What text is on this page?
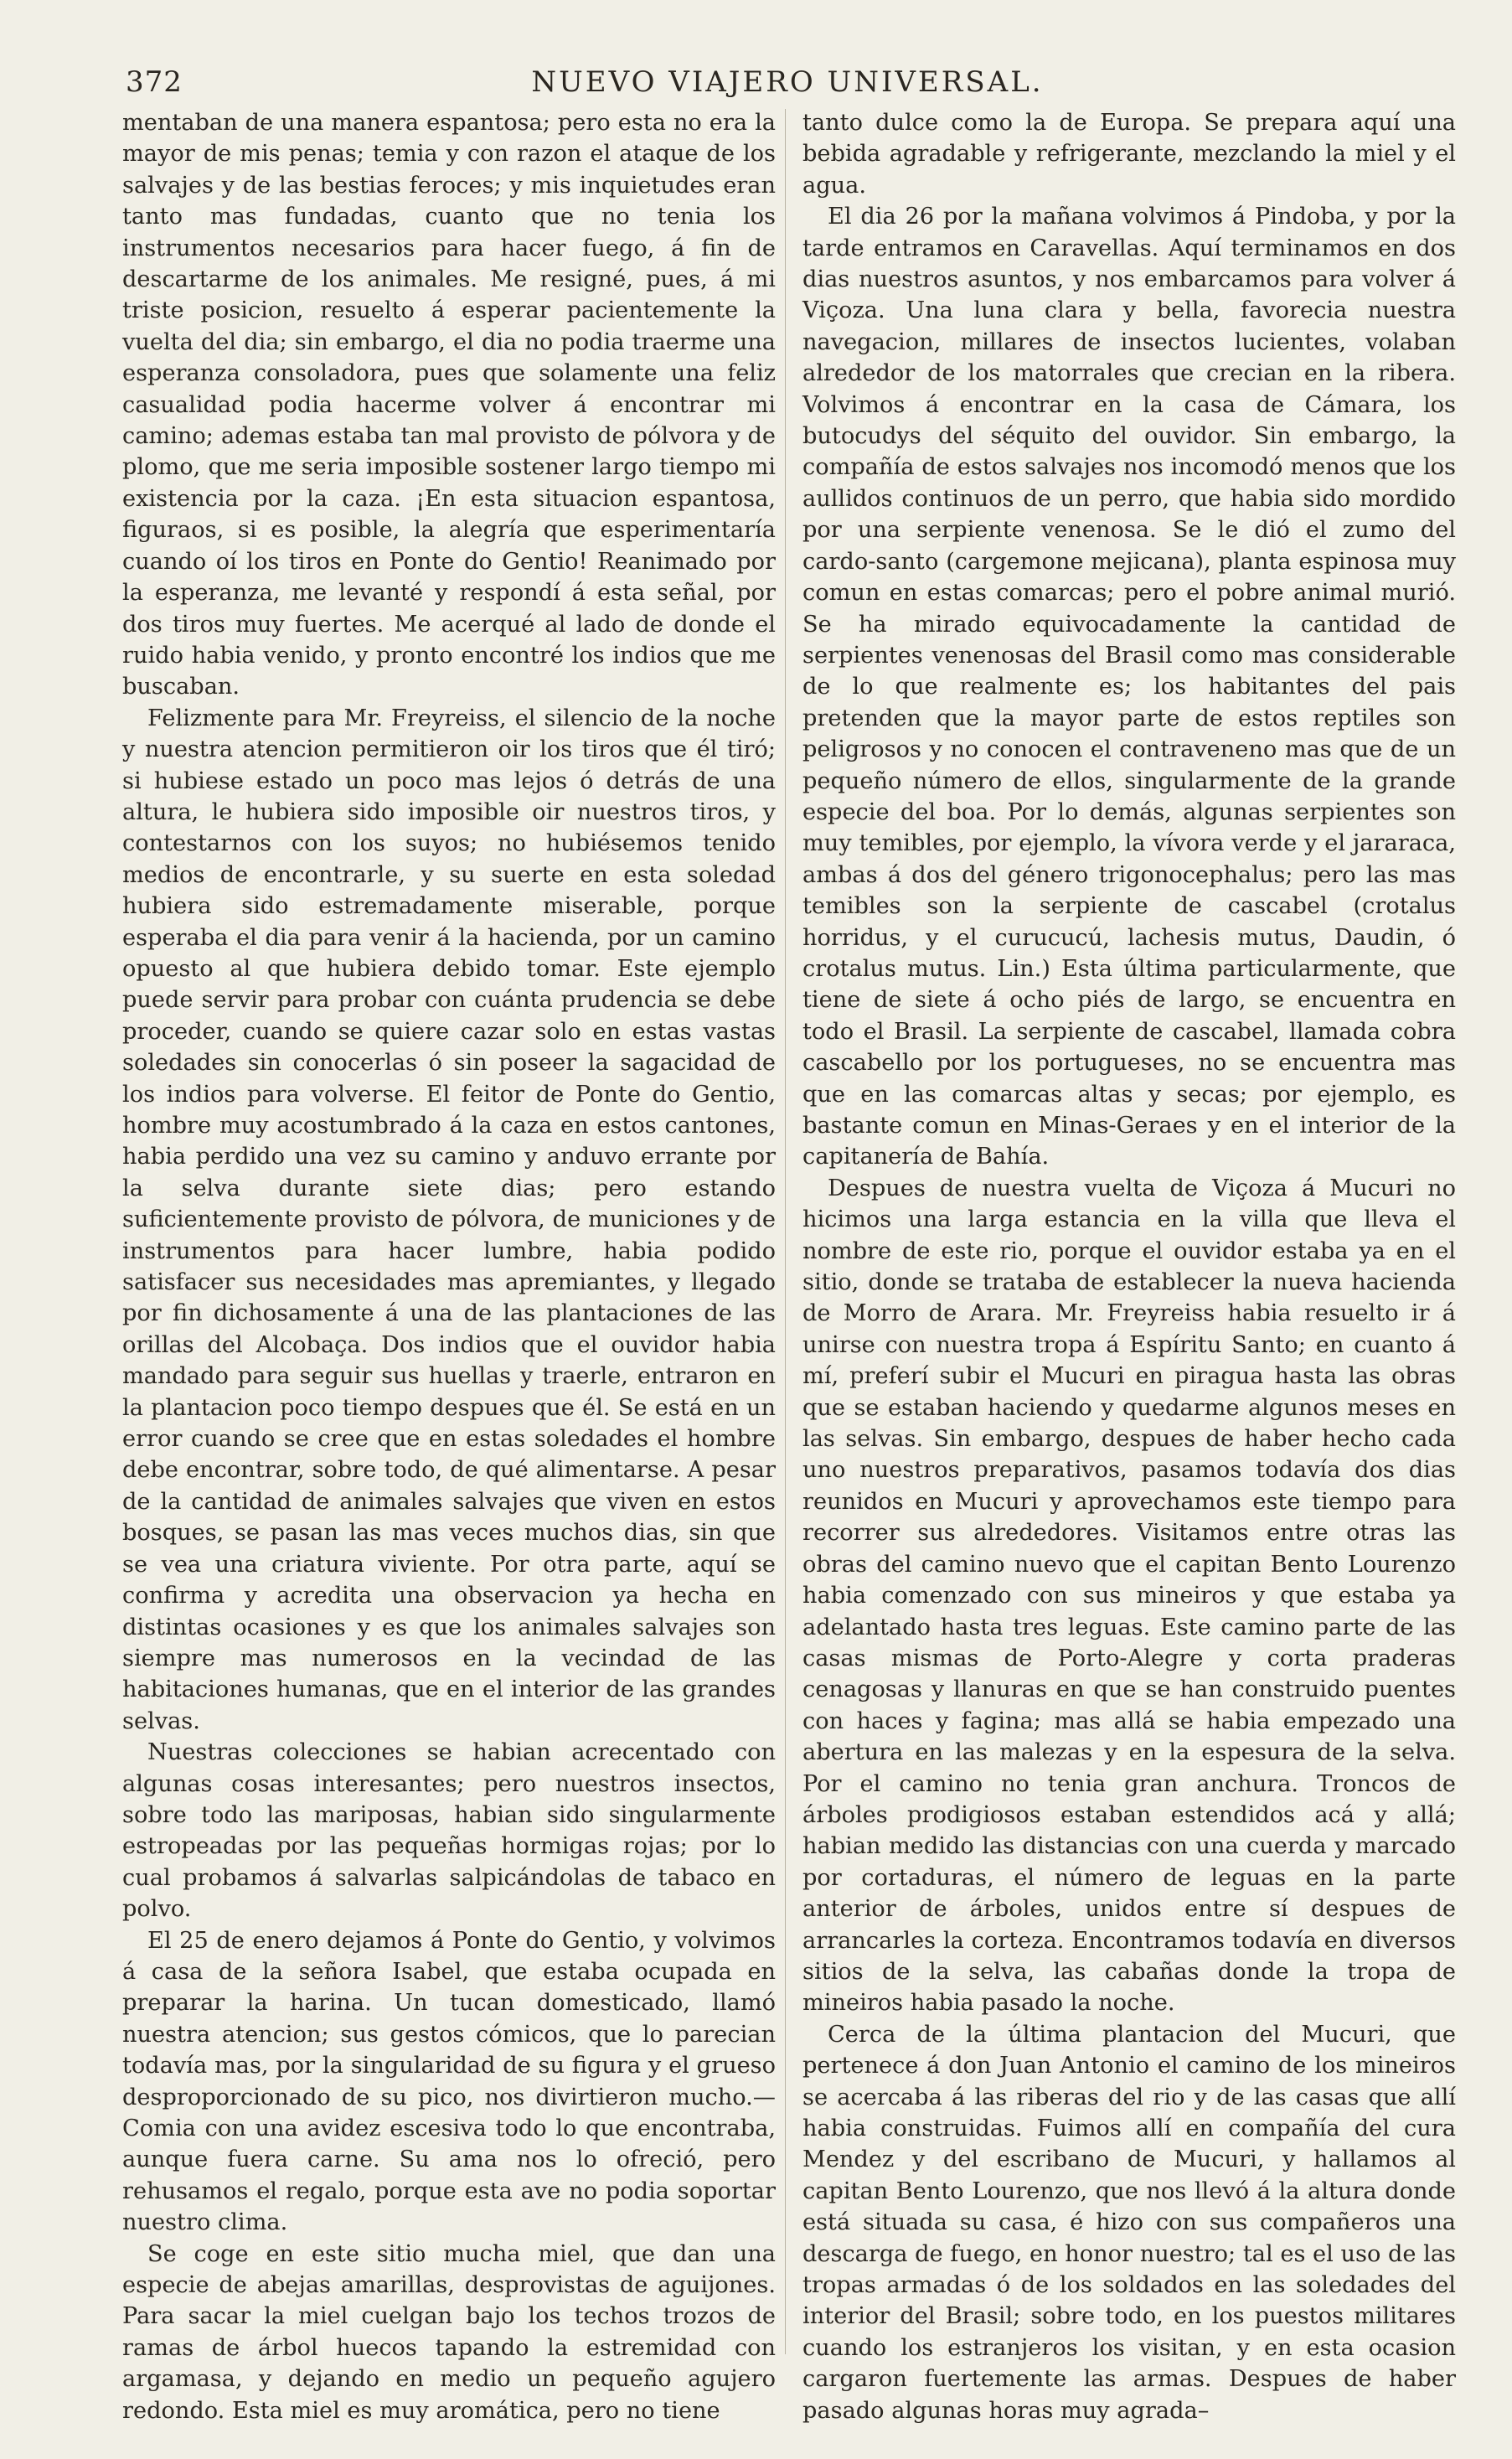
372	NUEVO VIAJERO UNIVERSAL.

mentaban de una manera espantosa; pero esta no era la mayor de mis penas; temia y con razon el ataque de los salvajes y de las bestias feroces; y mis inquietudes eran tanto mas fundadas, cuanto que no tenia los instrumentos necesarios para hacer fuego, á fin de descartarme de los animales. Me resigné, pues, á mi triste posicion, resuelto á esperar pacientemente la vuelta del dia; sin embargo, el dia no podia traerme una esperanza consoladora, pues que solamente una feliz casualidad podia hacerme volver á encontrar mi camino; ademas estaba tan mal provisto de pólvora y de plomo, que me seria imposible sostener largo tiempo mi existencia por la caza. ¡En esta situacion espantosa, figuraos, si es posible, la alegría que esperimentaría cuando oí los tiros en Ponte do Gentio! Reanimado por la esperanza, me levanté y respondí á esta señal, por dos tiros muy fuertes. Me acerqué al lado de donde el ruido habia venido, y pronto encontré los indios que me buscaban.

Felizmente para Mr. Freyreiss, el silencio de la noche y nuestra atencion permitieron oir los tiros que él tiró; si hubiese estado un poco mas lejos ó detrás de una altura, le hubiera sido imposible oir nuestros tiros, y contestarnos con los suyos; no hubiésemos tenido medios de encontrarle, y su suerte en esta soledad hubiera sido estremadamente miserable, porque esperaba el dia para venir á la hacienda, por un camino opuesto al que hubiera debido tomar. Este ejemplo puede servir para probar con cuánta prudencia se debe proceder, cuando se quiere cazar solo en estas vastas soledades sin conocerlas ó sin poseer la sagacidad de los indios para volverse. El feitor de Ponte do Gentio, hombre muy acostumbrado á la caza en estos cantones, habia perdido una vez su camino y anduvo errante por la selva durante siete dias; pero estando suficientemente provisto de pólvora, de municiones y de instrumentos para hacer lumbre, habia podido satisfacer sus necesidades mas apremiantes, y llegado por fin dichosamente á una de las plantaciones de las orillas del Alcobaça. Dos indios que el ouvidor habia mandado para seguir sus huellas y traerle, entraron en la plantacion poco tiempo despues que él. Se está en un error cuando se cree que en estas soledades el hombre debe encontrar, sobre todo, de qué alimentarse. A pesar de la cantidad de animales salvajes que viven en estos bosques, se pasan las mas veces muchos dias, sin que se vea una criatura viviente. Por otra parte, aquí se confirma y acredita una observacion ya hecha en distintas ocasiones y es que los animales salvajes son siempre mas numerosos en la vecindad de las habitaciones humanas, que en el interior de las grandes selvas.

Nuestras colecciones se habian acrecentado con algunas cosas interesantes; pero nuestros insectos, sobre todo las mariposas, habian sido singularmente estropeadas por las pequeñas hormigas rojas; por lo cual probamos á salvarlas salpicándolas de tabaco en polvo.

El 25 de enero dejamos á Ponte do Gentio, y volvimos á casa de la señora Isabel, que estaba ocupada en preparar la harina. Un tucan domesticado, llamó nuestra atencion; sus gestos cómicos, que lo parecian todavía mas, por la singularidad de su figura y el grueso desproporcionado de su pico, nos divirtieron mucho.—Comia con una avidez escesiva todo lo que encontraba, aunque fuera carne. Su ama nos lo ofreció, pero rehusamos el regalo, porque esta ave no podia soportar nuestro clima.

Se coge en este sitio mucha miel, que dan una especie de abejas amarillas, desprovistas de aguijones. Para sacar la miel cuelgan bajo los techos trozos de ramas de árbol huecos tapando la estremidad con argamasa, y dejando en medio un pequeño agujero redondo. Esta miel es muy aromática, pero no tiene

tanto dulce como la de Europa. Se prepara aquí una bebida agradable y refrigerante, mezclando la miel y el agua.

El dia 26 por la mañana volvimos á Pindoba, y por la tarde entramos en Caravellas. Aquí terminamos en dos dias nuestros asuntos, y nos embarcamos para volver á Viçoza. Una luna clara y bella, favorecia nuestra navegacion, millares de insectos lucientes, volaban alrededor de los matorrales que crecian en la ribera. Volvimos á encontrar en la casa de Cámara, los butocudys del séquito del ouvidor. Sin embargo, la compañía de estos salvajes nos incomodó menos que los aullidos continuos de un perro, que habia sido mordido por una serpiente venenosa. Se le dió el zumo del cardo-santo (cargemone mejicana), planta espinosa muy comun en estas comarcas; pero el pobre animal murió. Se ha mirado equivocadamente la cantidad de serpientes venenosas del Brasil como mas considerable de lo que realmente es; los habitantes del pais pretenden que la mayor parte de estos reptiles son peligrosos y no conocen el contraveneno mas que de un pequeño número de ellos, singularmente de la grande especie del boa. Por lo demás, algunas serpientes son muy temibles, por ejemplo, la vívora verde y el jararaca, ambas á dos del género trigonocephalus; pero las mas temibles son la serpiente de cascabel (crotalus horridus, y el curucucú, lachesis mutus, Daudin, ó crotalus mutus. Lin.) Esta última particularmente, que tiene de siete á ocho piés de largo, se encuentra en todo el Brasil. La serpiente de cascabel, llamada cobra cascabello por los portugueses, no se encuentra mas que en las comarcas altas y secas; por ejemplo, es bastante comun en Minas-Geraes y en el interior de la capitanería de Bahía.

Despues de nuestra vuelta de Viçoza á Mucuri no hicimos una larga estancia en la villa que lleva el nombre de este rio, porque el ouvidor estaba ya en el sitio, donde se trataba de establecer la nueva hacienda de Morro de Arara. Mr. Freyreiss habia resuelto ir á unirse con nuestra tropa á Espíritu Santo; en cuanto á mí, preferí subir el Mucuri en piragua hasta las obras que se estaban haciendo y quedarme algunos meses en las selvas. Sin embargo, despues de haber hecho cada uno nuestros preparativos, pasamos todavía dos dias reunidos en Mucuri y aprovechamos este tiempo para recorrer sus alrededores. Visitamos entre otras las obras del camino nuevo que el capitan Bento Lourenzo habia comenzado con sus mineiros y que estaba ya adelantado hasta tres leguas. Este camino parte de las casas mismas de Porto-Alegre y corta praderas cenagosas y llanuras en que se han construido puentes con haces y fagina; mas allá se habia empezado una abertura en las malezas y en la espesura de la selva. Por el camino no tenia gran anchura. Troncos de árboles prodigiosos estaban estendidos acá y allá; habian medido las distancias con una cuerda y marcado por cortaduras, el número de leguas en la parte anterior de árboles, unidos entre sí despues de arrancarles la corteza. Encontramos todavía en diversos sitios de la selva, las cabañas donde la tropa de mineiros habia pasado la noche.

Cerca de la última plantacion del Mucuri, que pertenece á don Juan Antonio el camino de los mineiros se acercaba á las riberas del rio y de las casas que allí habia construidas. Fuimos allí en compañía del cura Mendez y del escribano de Mucuri, y hallamos al capitan Bento Lourenzo, que nos llevó á la altura donde está situada su casa, é hizo con sus compañeros una descarga de fuego, en honor nuestro; tal es el uso de las tropas armadas ó de los soldados en las soledades del interior del Brasil; sobre todo, en los puestos militares cuando los estranjeros los visitan, y en esta ocasion cargaron fuertemente las armas. Despues de haber pasado algunas horas muy agrada–
